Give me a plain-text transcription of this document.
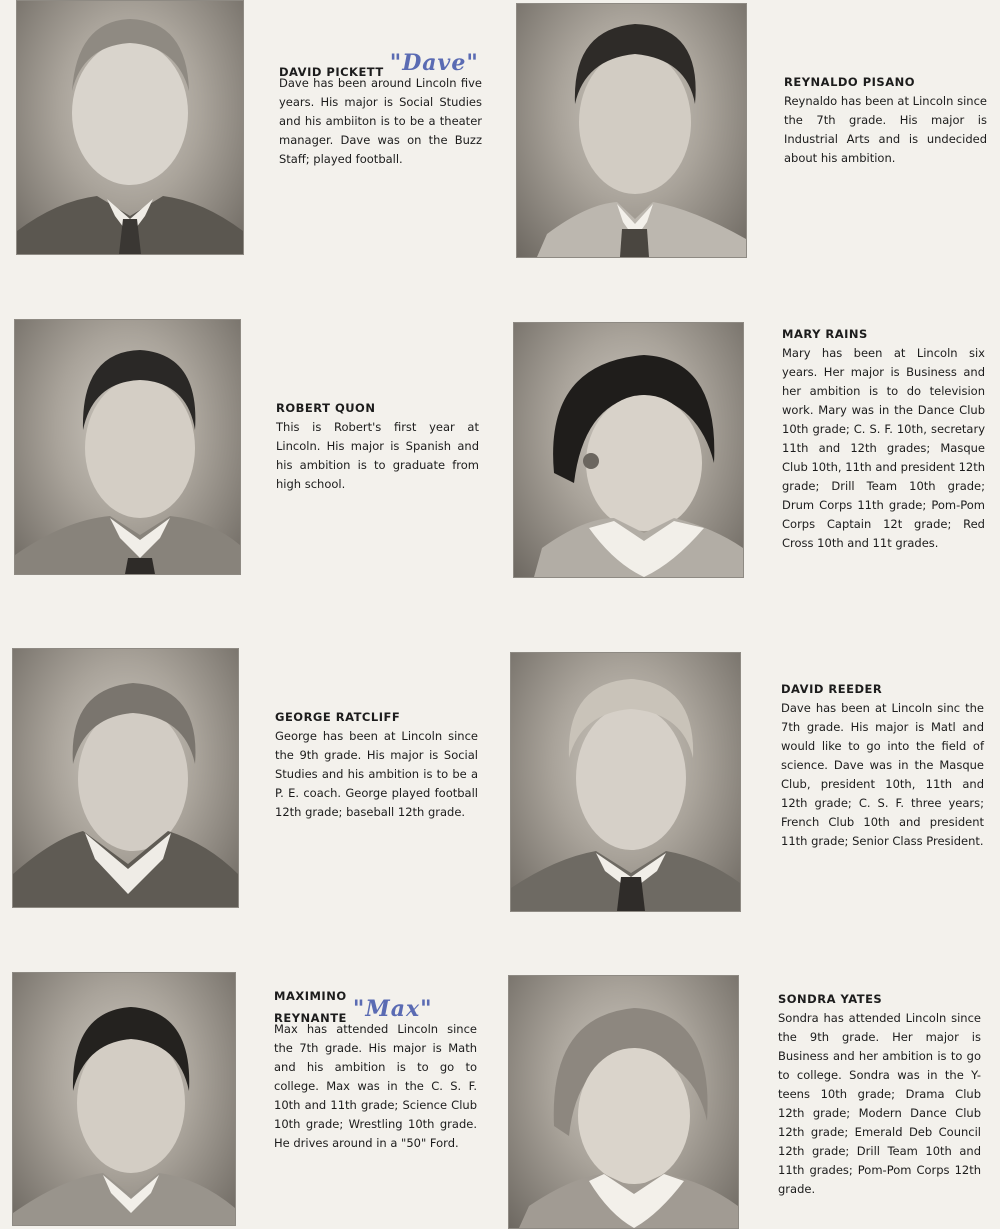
DAVID PICKETT "Dave"
Dave has been around Lincoln five years. His major is Social Studies and his ambiiton is to be a theater manager. Dave was on the Buzz Staff; played football.
REYNALDO PISANO
Reynaldo has been at Lincoln since the 7th grade. His major is Industrial Arts and is undecided about his ambition.
ROBERT QUON
This is Robert's first year at Lincoln. His major is Spanish and his ambition is to graduate from high school.
MARY RAINS
Mary has been at Lincoln six years. Her major is Business and her ambition is to do television work. Mary was in the Dance Club 10th grade; C. S. F. 10th, secretary 11th and 12th grades; Masque Club 10th, 11th and president 12th grade; Drill Team 10th grade; Drum Corps 11th grade; Pom-Pom Corps Captain 12t grade; Red Cross 10th and 11t grades.
GEORGE RATCLIFF
George has been at Lincoln since the 9th grade. His major is Social Studies and his ambition is to be a P. E. coach. George played football 12th grade; baseball 12th grade.
DAVID REEDER
Dave has been at Lincoln sinc the 7th grade. His major is Matl and would like to go into the field of science. Dave was in the Masque Club, president 10th, 11th and 12th grade; C. S. F. three years; French Club 10th and president 11th grade; Senior Class President.
MAXIMINO REYNANTE "Max"
Max has attended Lincoln since the 7th grade. His major is Math and his ambition is to go to college. Max was in the C. S. F. 10th and 11th grade; Science Club 10th grade; Wrestling 10th grade. He drives around in a "50" Ford.
SONDRA YATES
Sondra has attended Lincoln since the 9th grade. Her major is Business and her ambition is to go to college. Sondra was in the Y-teens 10th grade; Drama Club 12th grade; Modern Dance Club 12th grade; Emerald Deb Council 12th grade; Drill Team 10th and 11th grades; Pom-Pom Corps 12th grade.
